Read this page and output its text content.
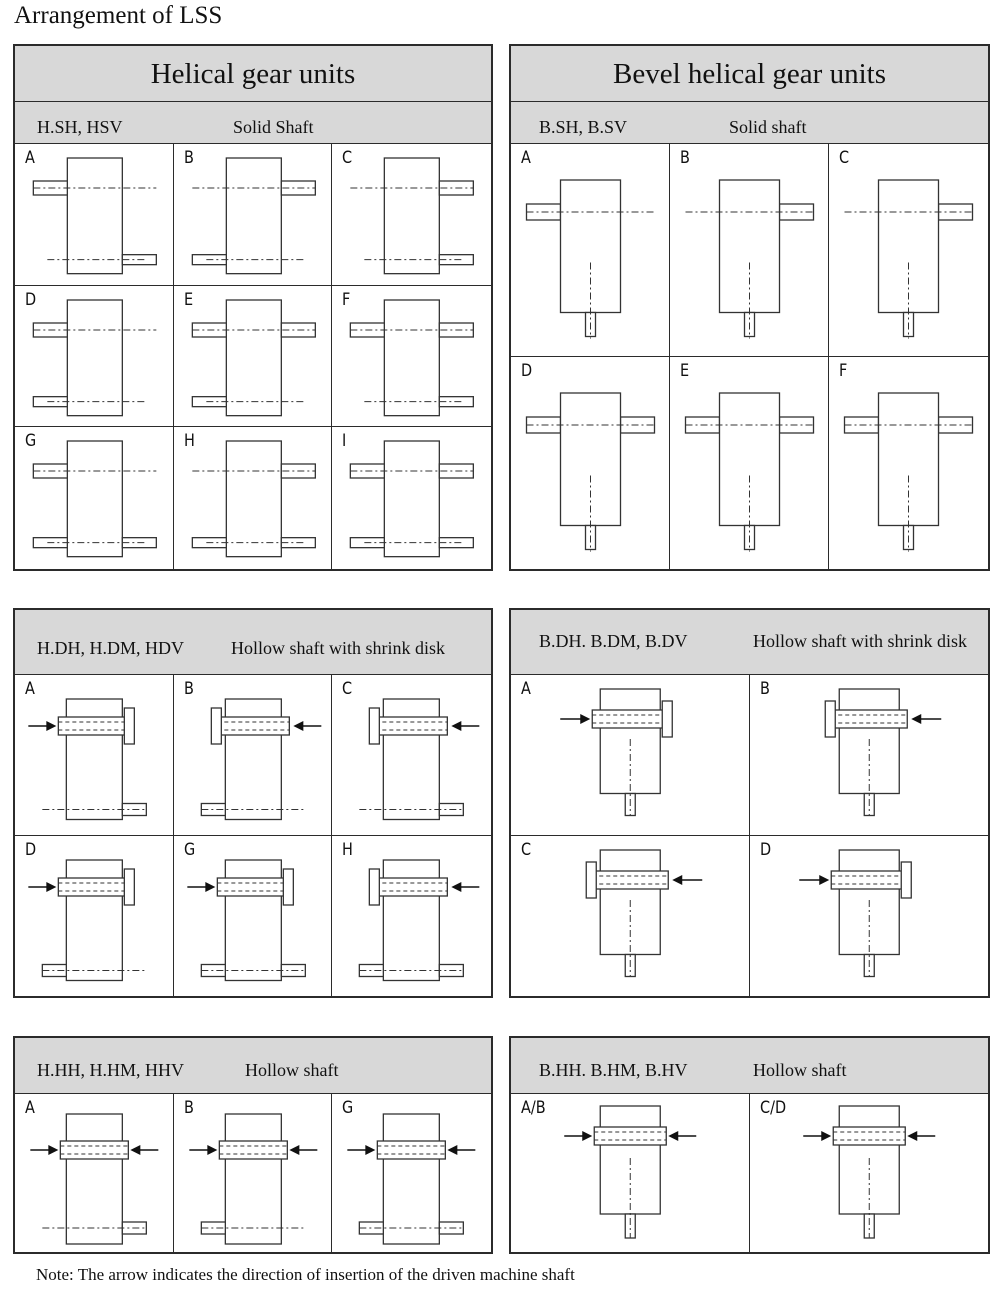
Arrangement of LSS
Helical gear units
H.SH, HSV	Solid Shaft
A	B	C
D	E	F
G	H	I
Bevel helical gear units
B.SH, B.SV	Solid shaft
A	B	C
D	E	F
H.DH, H.DM, HDV	Hollow shaft with shrink disk
A	B	C
D	G	H
B.DH. B.DM, B.DV	Hollow shaft with shrink disk
A	B
C	D
H.HH, H.HM, HHV	Hollow shaft
A	B	G
B.HH. B.HM, B.HV	Hollow shaft
A/B	C/D
Note: The arrow indicates the direction of insertion of the driven machine shaft
